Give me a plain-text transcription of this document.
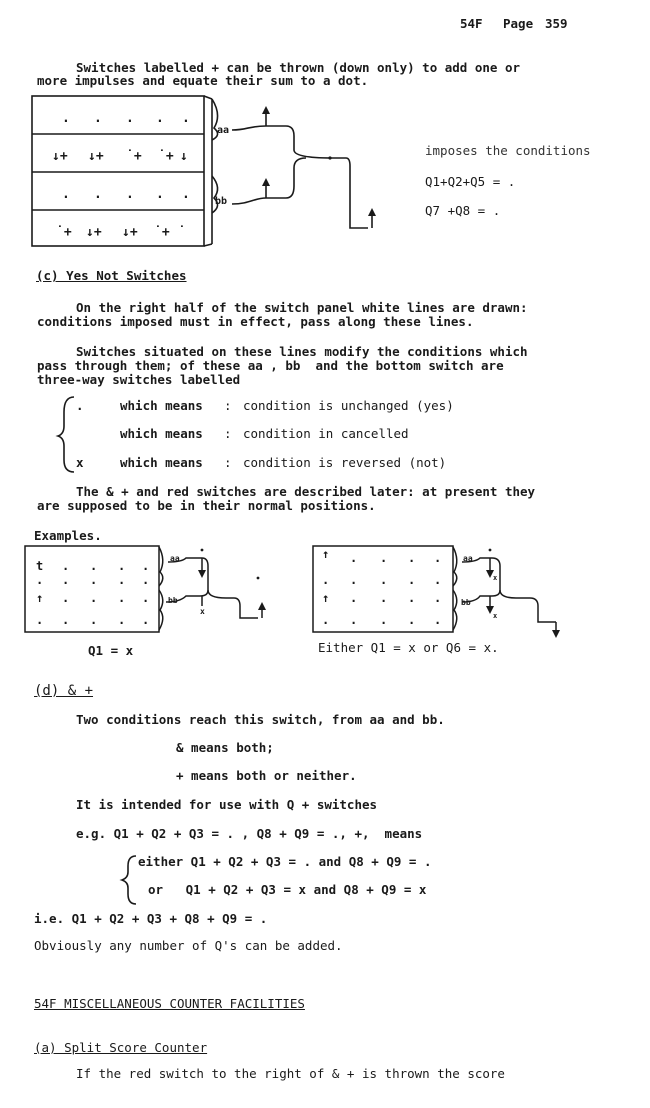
54F Page 359
Switches labelled + can be thrown (down only) to add one or
more impulses and equate their sum to a dot.
aa
bb
. . . . .
↓+ ↓+ ˙+ ˙+ ↓
. . . . .
˙+ ↓+ ↓+ ˙+ ˙
imposes the conditions
Q1+Q2+Q5 = .
Q7 +Q8 = .
(c) Yes Not Switches
On the right half of the switch panel white lines are drawn:
conditions imposed must in effect, pass along these lines.
Switches situated on these lines modify the conditions which
pass through them; of these aa , bb  and the bottom switch are
three-way switches labelled
.	which means : condition is unchanged (yes)
which means : condition in cancelled
x	which means : condition is reversed (not)
The & + and red switches are described later: at present they
are supposed to be in their normal positions.
Examples.
aa
bb
x
t . . . .
. . . . .
↑ . . . .
. . . . .
Q1 = x
aa
bb
x
x
↑ . . . .
. . . . .
↑ . . . .
. . . . .
Either Q1 = x or Q6 = x.
(d) & +
Two conditions reach this switch, from aa and bb.
& means both;
+ means both or neither.
It is intended for use with Q + switches
e.g. Q1 + Q2 + Q3 = . , Q8 + Q9 = ., +,  means
either Q1 + Q2 + Q3 = . and Q8 + Q9 = .
or   Q1 + Q2 + Q3 = x and Q8 + Q9 = x
i.e. Q1 + Q2 + Q3 + Q8 + Q9 = .
Obviously any number of Q's can be added.
54F MISCELLANEOUS COUNTER FACILITIES
(a) Split Score Counter
If the red switch to the right of & + is thrown the score
